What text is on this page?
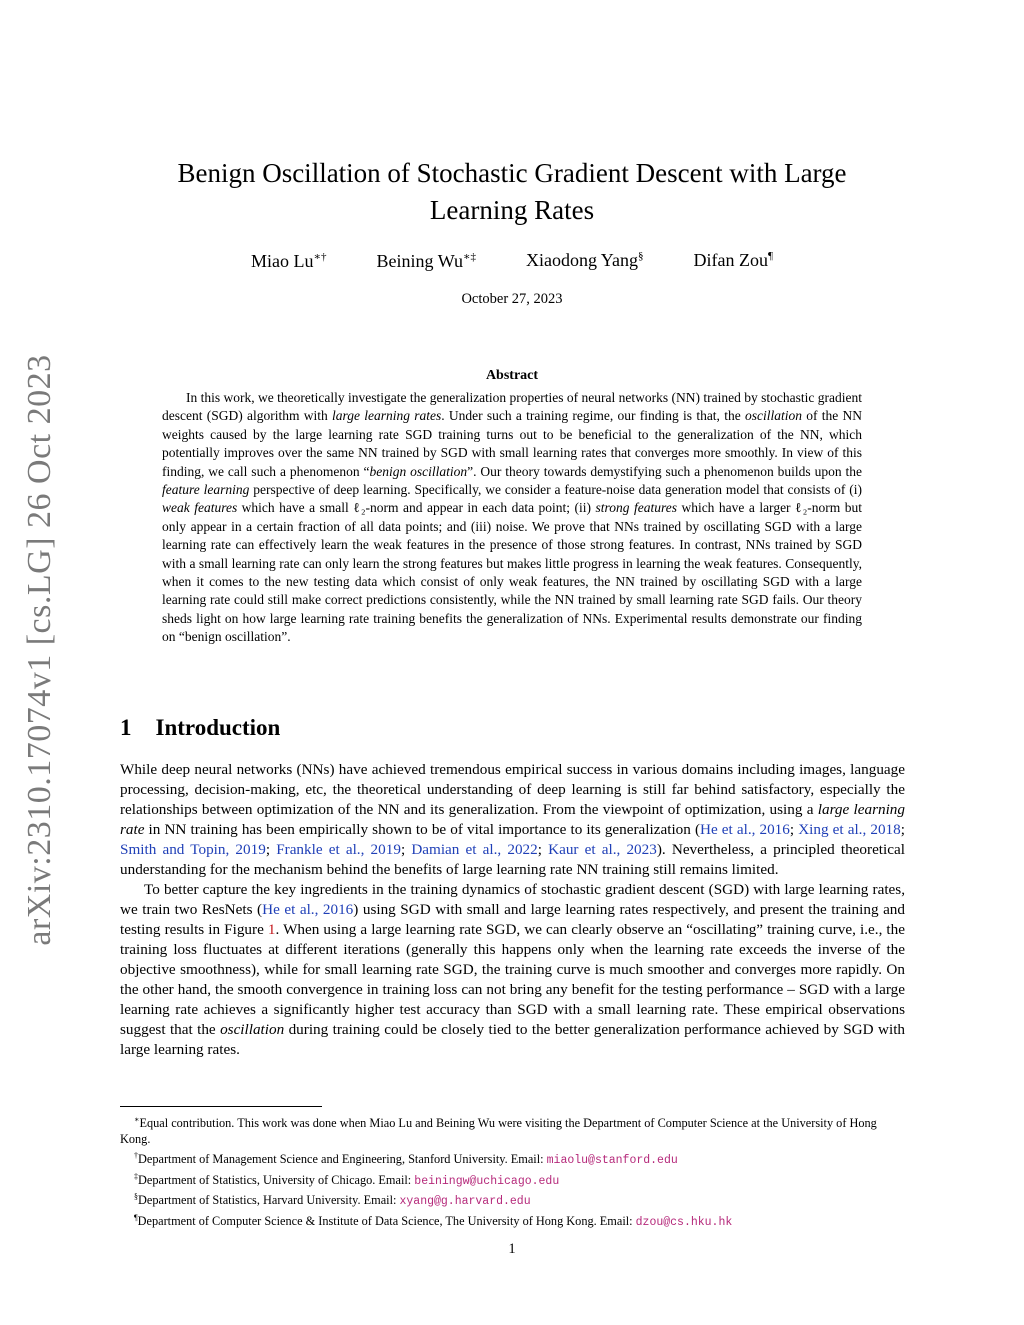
arXiv:2310.17074v1 [cs.LG] 26 Oct 2023
Benign Oscillation of Stochastic Gradient Descent with Large
Learning Rates
Miao Lu∗†	Beining Wu∗‡	Xiaodong Yang§	Difan Zou¶
October 27, 2023
Abstract
In this work, we theoretically investigate the generalization properties of neural networks (NN) trained by stochastic gradient descent (SGD) algorithm with large learning rates. Under such a training regime, our finding is that, the oscillation of the NN weights caused by the large learning rate SGD training turns out to be beneficial to the generalization of the NN, which potentially improves over the same NN trained by SGD with small learning rates that converges more smoothly. In view of this finding, we call such a phenomenon “benign oscillation”. Our theory towards demystifying such a phenomenon builds upon the feature learning perspective of deep learning. Specifically, we consider a feature-noise data generation model that consists of (i) weak features which have a small ℓ₂-norm and appear in each data point; (ii) strong features which have a larger ℓ₂-norm but only appear in a certain fraction of all data points; and (iii) noise. We prove that NNs trained by oscillating SGD with a large learning rate can effectively learn the weak features in the presence of those strong features. In contrast, NNs trained by SGD with a small learning rate can only learn the strong features but makes little progress in learning the weak features. Consequently, when it comes to the new testing data which consist of only weak features, the NN trained by oscillating SGD with a large learning rate could still make correct predictions consistently, while the NN trained by small learning rate SGD fails. Our theory sheds light on how large learning rate training benefits the generalization of NNs. Experimental results demonstrate our finding on “benign oscillation”.
1 Introduction

While deep neural networks (NNs) have achieved tremendous empirical success in various domains including images, language processing, decision-making, etc, the theoretical understanding of deep learning is still far behind satisfactory, especially the relationships between optimization of the NN and its generalization. From the viewpoint of optimization, using a large learning rate in NN training has been empirically shown to be of vital importance to its generalization (He et al., 2016; Xing et al., 2018; Smith and Topin, 2019; Frankle et al., 2019; Damian et al., 2022; Kaur et al., 2023). Nevertheless, a principled theoretical understanding for the mechanism behind the benefits of large learning rate NN training still remains limited.

To better capture the key ingredients in the training dynamics of stochastic gradient descent (SGD) with large learning rates, we train two ResNets (He et al., 2016) using SGD with small and large learning rates respectively, and present the training and testing results in Figure 1. When using a large learning rate SGD, we can clearly observe an “oscillating” training curve, i.e., the training loss fluctuates at different iterations (generally this happens only when the learning rate exceeds the inverse of the objective smoothness), while for small learning rate SGD, the training curve is much smoother and converges more rapidly. On the other hand, the smooth convergence in training loss can not bring any benefit for the testing performance – SGD with a large learning rate achieves a significantly higher test accuracy than SGD with a small learning rate. These empirical observations suggest that the oscillation during training could be closely tied to the better generalization performance achieved by SGD with large learning rates.

∗Equal contribution. This work was done when Miao Lu and Beining Wu were visiting the Department of Computer Science at the University of Hong Kong.
†Department of Management Science and Engineering, Stanford University. Email: miaolu@stanford.edu
‡Department of Statistics, University of Chicago. Email: beiningw@uchicago.edu
§Department of Statistics, Harvard University. Email: xyang@g.harvard.edu
¶Department of Computer Science & Institute of Data Science, The University of Hong Kong. Email: dzou@cs.hku.hk
1
